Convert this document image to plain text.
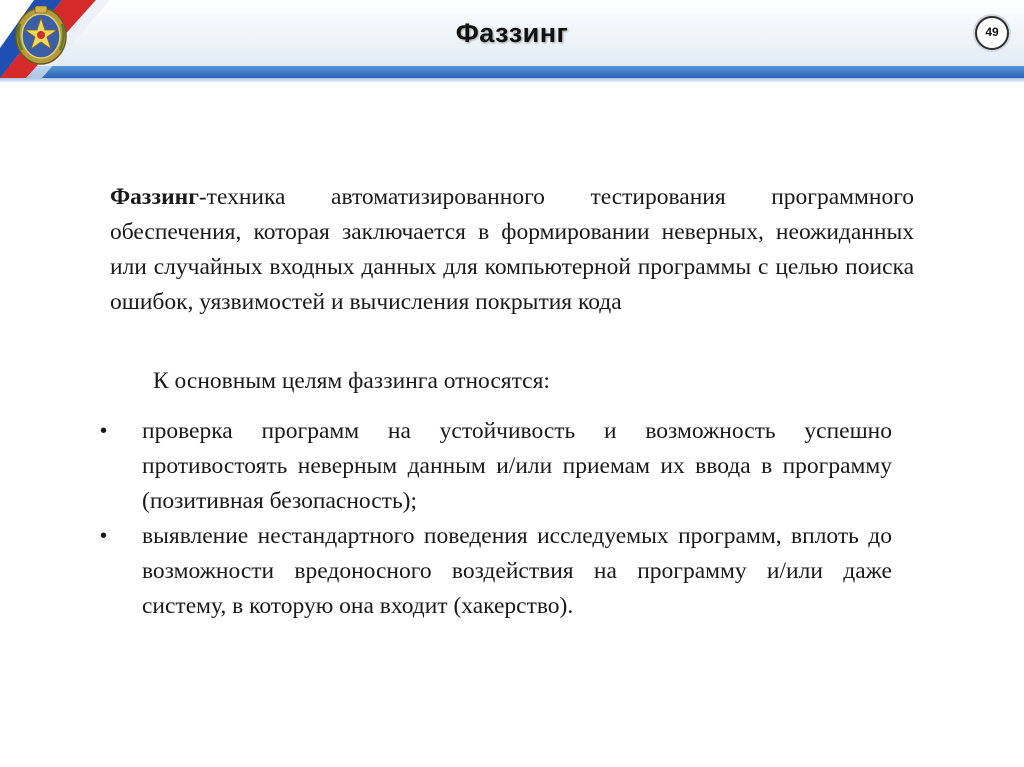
Фаззинг	49
Фаззинг-техника автоматизированного тестирования программного обеспечения, которая заключается в формировании неверных, неожиданных или случайных входных данных для компьютерной программы с целью поиска ошибок, уязвимостей и вычисления покрытия кода
К основным целям фаззинга относятся:
•	проверка программ на устойчивость и возможность успешно противостоять неверным данным и/или приемам их ввода в программу (позитивная безопасность);
•	выявление нестандартного поведения исследуемых программ, вплоть до возможности вредоносного воздействия на программу и/или даже систему, в которую она входит (хакерство).
